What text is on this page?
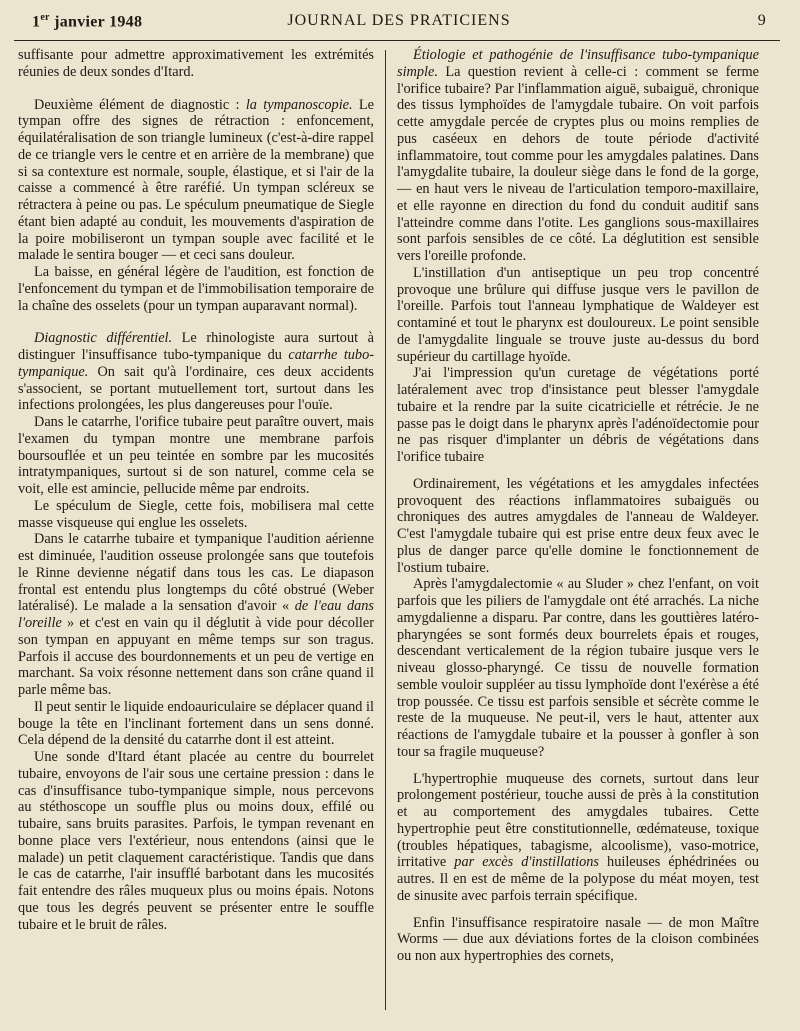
1er janvier 1948	JOURNAL DES PRATICIENS	9

suffisante pour admettre approximativement les extrémités réunies de deux sondes d'Itard.

Deuxième élément de diagnostic : la tympanoscopie. Le tympan offre des signes de rétraction : enfoncement, équilatéralisation de son triangle lumineux (c'est-à-dire rappel de ce triangle vers le centre et en arrière de la membrane) que si sa contexture est normale, souple, élastique, et si l'air de la caisse a commencé à être raréfié. Un tympan scléreux se rétractera à peine ou pas. Le spéculum pneumatique de Siegle étant bien adapté au conduit, les mouvements d'aspiration de la poire mobiliseront un tympan souple avec facilité et le malade le sentira bouger — et ceci sans douleur.

La baisse, en général légère de l'audition, est fonction de l'enfoncement du tympan et de l'immobilisation temporaire de la chaîne des osselets (pour un tympan auparavant normal).

Diagnostic différentiel. Le rhinologiste aura surtout à distinguer l'insuffisance tubo-tympanique du catarrhe tubo-tympanique. On sait qu'à l'ordinaire, ces deux accidents s'associent, se portant mutuellement tort, surtout dans les infections prolongées, les plus dangereuses pour l'ouïe.

Dans le catarrhe, l'orifice tubaire peut paraître ouvert, mais l'examen du tympan montre une membrane parfois boursouflée et un peu teintée en sombre par les mucosités intratympaniques, surtout si de son naturel, comme cela se voit, elle est amincie, pellucide même par endroits.

Le spéculum de Siegle, cette fois, mobilisera mal cette masse visqueuse qui englue les osselets.

Dans le catarrhe tubaire et tympanique l'audition aérienne est diminuée, l'audition osseuse prolongée sans que toutefois le Rinne devienne négatif dans tous les cas. Le diapason frontal est entendu plus longtemps du côté obstrué (Weber latéralisé). Le malade a la sensation d'avoir « de l'eau dans l'oreille » et c'est en vain qu il déglutit à vide pour décoller son tympan en appuyant en même temps sur son tragus. Parfois il accuse des bourdonnements et un peu de vertige en marchant. Sa voix résonne nettement dans son crâne quand il parle même bas.

Il peut sentir le liquide endoauriculaire se déplacer quand il bouge la tête en l'inclinant fortement dans un sens donné. Cela dépend de la densité du catarrhe dont il est atteint.

Une sonde d'Itard étant placée au centre du bourrelet tubaire, envoyons de l'air sous une certaine pression : dans le cas d'insuffisance tubo-tympanique simple, nous percevons au stéthoscope un souffle plus ou moins doux, effilé ou tubaire, sans bruits parasites. Parfois, le tympan revenant en bonne place vers l'extérieur, nous entendons (ainsi que le malade) un petit claquement caractéristique. Tandis que dans le cas de catarrhe, l'air insufflé barbotant dans les mucosités fait entendre des râles muqueux plus ou moins épais. Notons que tous les degrés peuvent se présenter entre le souffle tubaire et le bruit de râles.

Étiologie et pathogénie de l'insuffisance tubo-tympanique simple. La question revient à celle-ci : comment se ferme l'orifice tubaire? Par l'inflammation aiguë, subaiguë, chronique des tissus lymphoïdes de l'amygdale tubaire. On voit parfois cette amygdale percée de cryptes plus ou moins remplies de pus caséeux en dehors de toute période d'activité inflammatoire, tout comme pour les amygdales palatines. Dans l'amygdalite tubaire, la douleur siège dans le fond de la gorge, — en haut vers le niveau de l'articulation temporo-maxillaire, et elle rayonne en direction du fond du conduit auditif sans l'atteindre comme dans l'otite. Les ganglions sous-maxillaires sont parfois sensibles de ce côté. La déglutition est sensible vers l'oreille profonde.

L'instillation d'un antiseptique un peu trop concentré provoque une brûlure qui diffuse jusque vers le pavillon de l'oreille. Parfois tout l'anneau lymphatique de Waldeyer est contaminé et tout le pharynx est douloureux. Le point sensible de l'amygdalite linguale se trouve juste au-dessus du bord supérieur du cartillage hyoïde.

J'ai l'impression qu'un curetage de végétations porté latéralement avec trop d'insistance peut blesser l'amygdale tubaire et la rendre par la suite cicatricielle et rétrécie. Je ne passe pas le doigt dans le pharynx après l'adénoïdectomie pour ne pas risquer d'implanter un débris de végétations dans l'orifice tubaire

Ordinairement, les végétations et les amygdales infectées provoquent des réactions inflammatoires subaiguës ou chroniques des autres amygdales de l'anneau de Waldeyer. C'est l'amygdale tubaire qui est prise entre deux feux avec le plus de danger parce qu'elle domine le fonctionnement de l'ostium tubaire.

Après l'amygdalectomie « au Sluder » chez l'enfant, on voit parfois que les piliers de l'amygdale ont été arrachés. La niche amygdalienne a disparu. Par contre, dans les gouttières latéro-pharyngées se sont formés deux bourrelets épais et rouges, descendant verticalement de la région tubaire jusque vers le niveau glosso-pharyngé. Ce tissu de nouvelle formation semble vouloir suppléer au tissu lymphoïde dont l'exérèse a été trop poussée. Ce tissu est parfois sensible et sécrète comme le reste de la muqueuse. Ne peut-il, vers le haut, attenter aux réactions de l'amygdale tubaire et la pousser à gonfler à son tour sa fragile muqueuse?

L'hypertrophie muqueuse des cornets, surtout dans leur prolongement postérieur, touche aussi de près à la constitution et au comportement des amygdales tubaires. Cette hypertrophie peut être constitutionnelle, œdémateuse, toxique (troubles hépatiques, tabagisme, alcoolisme), vaso-motrice, irritative par excès d'instillations huileuses éphédrinées ou autres. Il en est de même de la polypose du méat moyen, test de sinusite avec parfois terrain spécifique.

Enfin l'insuffisance respiratoire nasale — de mon Maître Worms — due aux déviations fortes de la cloison combinées ou non aux hypertrophies des cornets,
